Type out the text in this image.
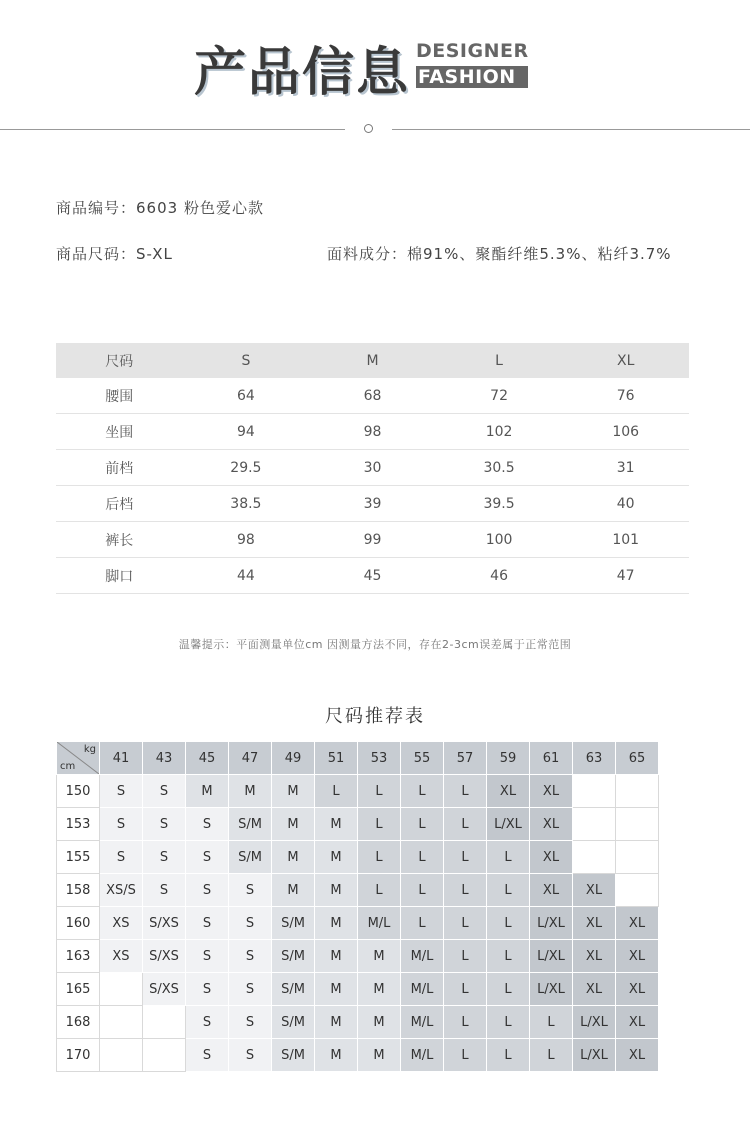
产品信息 DESIGNER
FASHION
商品编号：6603 粉色爱心款
商品尺码：S-XL	面料成分：棉91%、聚酯纤维5.3%、粘纤3.7%
尺码	S	M	L	XL
腰围	64	68	72	76
坐围	94	98	102	106
前档	29.5	30	30.5	31
后档	38.5	39	39.5	40
裤长	98	99	100	101
脚口	44	45	46	47
温馨提示：平面测量单位cm 因测量方法不同，存在2-3cm误差属于正常范围
尺码推荐表
kg
cm	41	43	45	47	49	51	53	55	57	59	61	63	65
150	S	S	M	M	M	L	L	L	L	XL	XL		
153	S	S	S	S/M	M	M	L	L	L	L/XL	XL		
155	S	S	S	S/M	M	M	L	L	L	L	XL		
158	XS/S	S	S	S	M	M	L	L	L	L	XL	XL	
160	XS	S/XS	S	S	S/M	M	M/L	L	L	L	L/XL	XL	XL
163	XS	S/XS	S	S	S/M	M	M	M/L	L	L	L/XL	XL	XL
165		S/XS	S	S	S/M	M	M	M/L	L	L	L/XL	XL	XL
168			S	S	S/M	M	M	M/L	L	L	L	L/XL	XL
170			S	S	S/M	M	M	M/L	L	L	L	L/XL	XL
